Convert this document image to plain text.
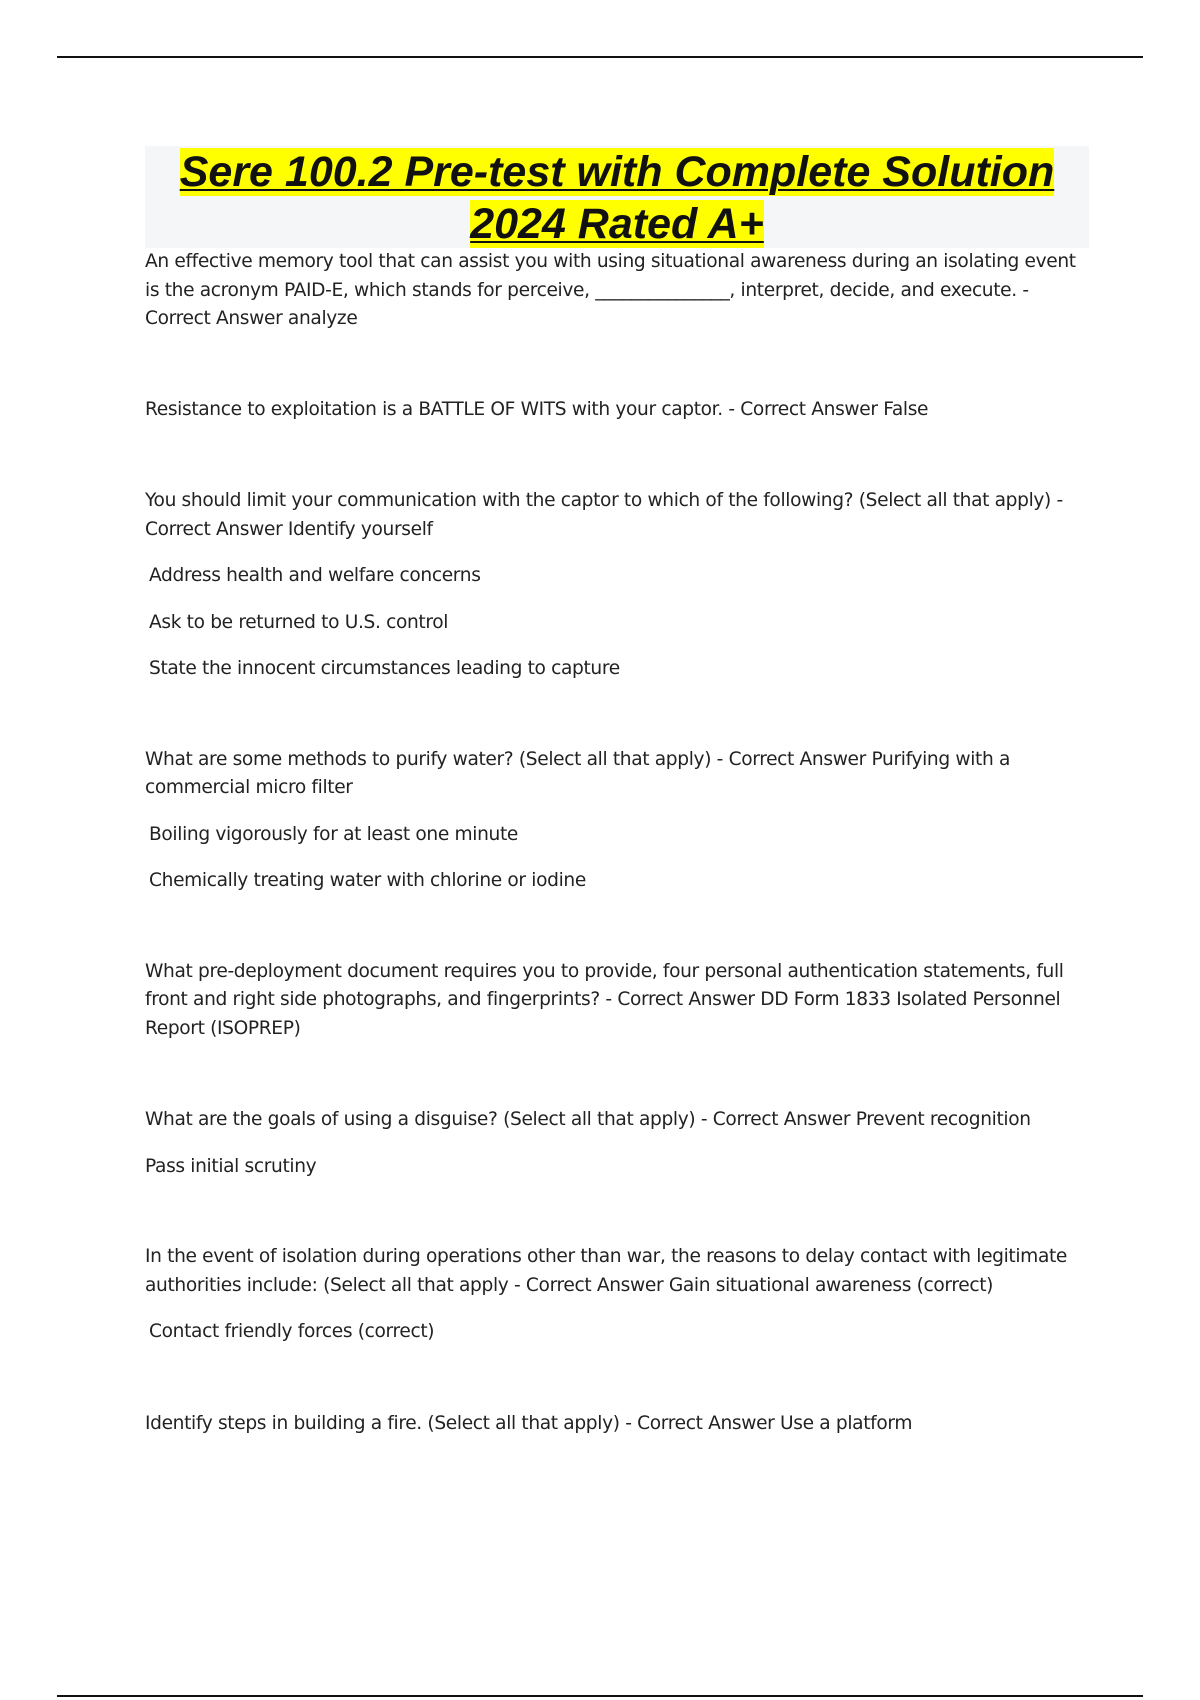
Sere 100.2 Pre-test with Complete Solution
2024 Rated A+
An effective memory tool that can assist you with using situational awareness during an isolating event is the acronym PAID-E, which stands for perceive, _______________, interpret, decide, and execute. - Correct Answer analyze
Resistance to exploitation is a BATTLE OF WITS with your captor. - Correct Answer False
You should limit your communication with the captor to which of the following? (Select all that apply) - Correct Answer Identify yourself
Address health and welfare concerns
Ask to be returned to U.S. control
State the innocent circumstances leading to capture
What are some methods to purify water? (Select all that apply) - Correct Answer Purifying with a commercial micro filter
Boiling vigorously for at least one minute
Chemically treating water with chlorine or iodine
What pre-deployment document requires you to provide, four personal authentication statements, full front and right side photographs, and fingerprints? - Correct Answer DD Form 1833 Isolated Personnel Report (ISOPREP)
What are the goals of using a disguise? (Select all that apply) - Correct Answer Prevent recognition
Pass initial scrutiny
In the event of isolation during operations other than war, the reasons to delay contact with legitimate authorities include: (Select all that apply - Correct Answer Gain situational awareness (correct)
Contact friendly forces (correct)
Identify steps in building a fire. (Select all that apply) - Correct Answer Use a platform
